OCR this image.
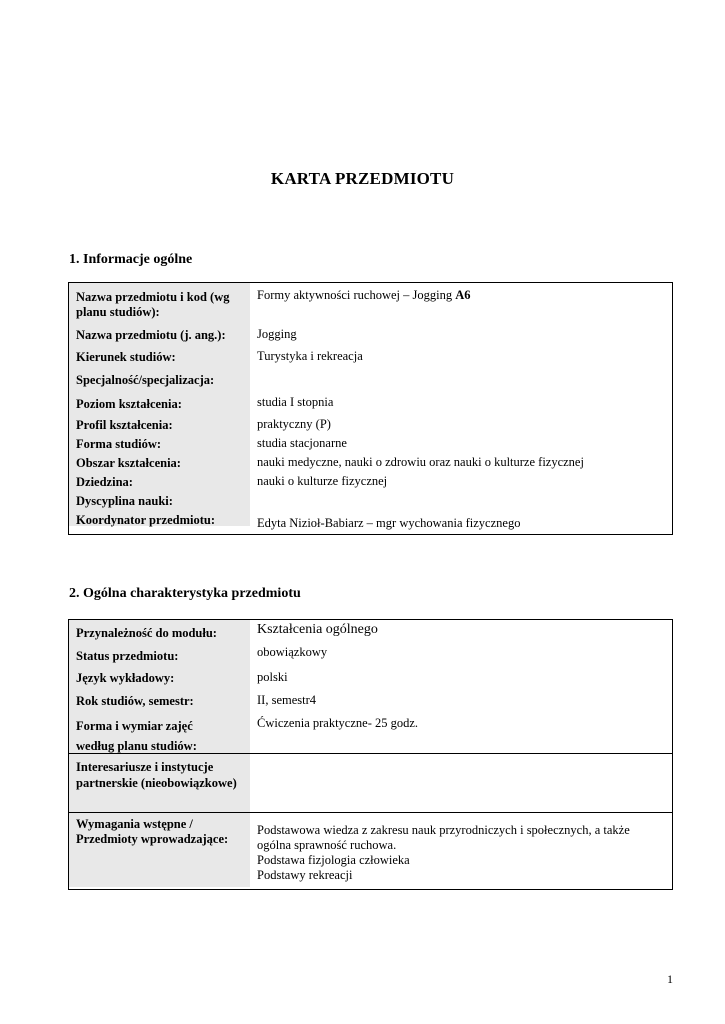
KARTA PRZEDMIOTU
1. Informacje ogólne
Nazwa przedmiotu i kod (wg planu studiów):
Nazwa przedmiotu (j. ang.):
Kierunek studiów:
Specjalność/specjalizacja:
Poziom kształcenia:
Profil kształcenia:
Forma studiów:
Obszar kształcenia:
Dziedzina:
Dyscyplina nauki:
Koordynator przedmiotu:
Formy aktywności ruchowej – Jogging A6
Jogging
Turystyka i rekreacja
studia I stopnia
praktyczny (P)
studia stacjonarne
nauki medyczne, nauki o zdrowiu oraz nauki o kulturze fizycznej
nauki o kulturze fizycznej
Edyta Nizioł-Babiarz – mgr wychowania fizycznego
2. Ogólna charakterystyka przedmiotu
Przynależność do modułu:
Status przedmiotu:
Język wykładowy:
Rok studiów, semestr:
Forma i wymiar zajęć według planu studiów:
Kształcenia ogólnego
obowiązkowy
polski
II, semestr4
Ćwiczenia praktyczne- 25 godz.
Interesariusze i instytucje partnerskie (nieobowiązkowe)
Wymagania wstępne / Przedmioty wprowadzające:
Podstawowa wiedza z zakresu nauk przyrodniczych i społecznych, a także ogólna sprawność ruchowa.
Podstawa fizjologia człowieka
Podstawy rekreacji
1
